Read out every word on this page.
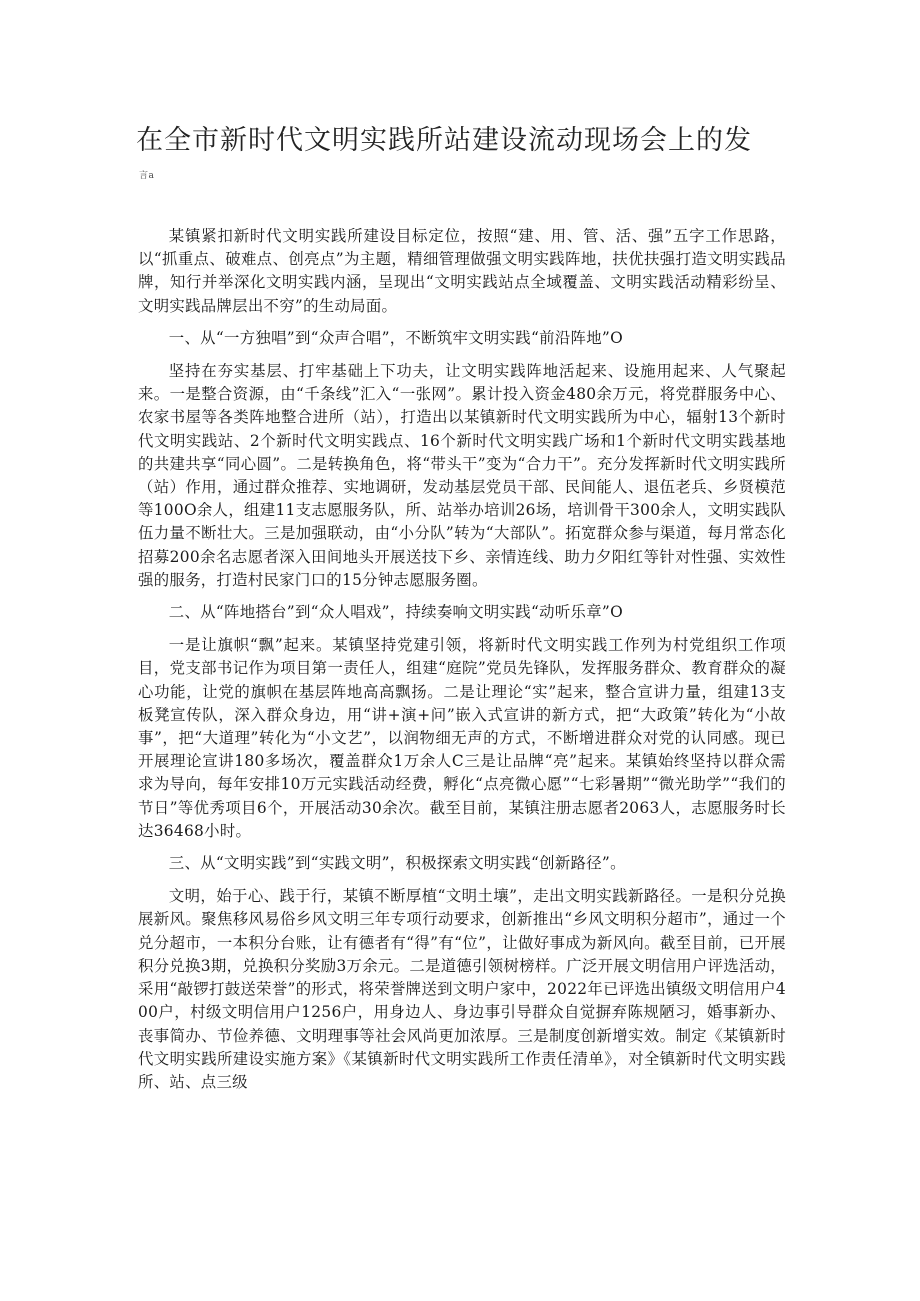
在全市新时代文明实践所站建设流动现场会上的发

言a

某镇紧扣新时代文明实践所建设目标定位，按照“建、用、管、活、强”五字工作思路，以“抓重点、破难点、创亮点”为主题，精细管理做强文明实践阵地，扶优扶强打造文明实践品牌，知行并举深化文明实践内涵，呈现出“文明实践站点全域覆盖、文明实践活动精彩纷呈、文明实践品牌层出不穷”的生动局面。

一、从“一方独唱”到“众声合唱”，不断筑牢文明实践“前沿阵地”O

坚持在夯实基层、打牢基础上下功夫，让文明实践阵地活起来、设施用起来、人气聚起来。一是整合资源，由“千条线”汇入“一张网”。累计投入资金480余万元，将党群服务中心、农家书屋等各类阵地整合进所（站），打造出以某镇新时代文明实践所为中心，辐射13个新时代文明实践站、2个新时代文明实践点、16个新时代文明实践广场和1个新时代文明实践基地的共建共享“同心圆”。二是转换角色，将“带头干”变为“合力干”。充分发挥新时代文明实践所（站）作用，通过群众推荐、实地调研，发动基层党员干部、民间能人、退伍老兵、乡贤模范等100O余人，组建11支志愿服务队，所、站举办培训26场，培训骨干300余人，文明实践队伍力量不断壮大。三是加强联动，由“小分队”转为“大部队”。拓宽群众参与渠道，每月常态化招募200余名志愿者深入田间地头开展送技下乡、亲情连线、助力夕阳红等针对性强、实效性强的服务，打造村民家门口的15分钟志愿服务圈。

二、从“阵地搭台”到“众人唱戏”，持续奏响文明实践“动听乐章”O

一是让旗帜“飘”起来。某镇坚持党建引领，将新时代文明实践工作列为村党组织工作项目，党支部书记作为项目第一责任人，组建“庭院”党员先锋队，发挥服务群众、教育群众的凝心功能，让党的旗帜在基层阵地高高飘扬。二是让理论“实”起来，整合宣讲力量，组建13支板凳宣传队，深入群众身边，用“讲+演+问”嵌入式宣讲的新方式，把“大政策”转化为“小故事”，把“大道理”转化为“小文艺”，以润物细无声的方式，不断增进群众对党的认同感。现已开展理论宣讲180多场次，覆盖群众1万余人C三是让品牌“亮”起来。某镇始终坚持以群众需求为导向，每年安排10万元实践活动经费，孵化“点亮微心愿”“七彩暑期”“微光助学”“我们的节日”等优秀项目6个，开展活动30余次。截至目前，某镇注册志愿者2063人，志愿服务时长达36468小时。

三、从“文明实践”到“实践文明”，积极探索文明实践“创新路径”。

文明，始于心、践于行，某镇不断厚植“文明土壤”，走出文明实践新路径。一是积分兑换展新风。聚焦移风易俗乡风文明三年专项行动要求，创新推出“乡风文明积分超市”，通过一个兑分超市，一本积分台账，让有德者有“得”有“位”，让做好事成为新风向。截至目前，已开展积分兑换3期，兑换积分奖励3万余元。二是道德引领树榜样。广泛开展文明信用户评选活动，采用“敲锣打鼓送荣誉”的形式，将荣誉牌送到文明户家中，2022年已评选出镇级文明信用户400户，村级文明信用户1256户，用身边人、身边事引导群众自觉摒弃陈规陋习，婚事新办、丧事简办、节俭养德、文明理事等社会风尚更加浓厚。三是制度创新增实效。制定《某镇新时代文明实践所建设实施方案》《某镇新时代文明实践所工作责任清单》，对全镇新时代文明实践所、站、点三级
